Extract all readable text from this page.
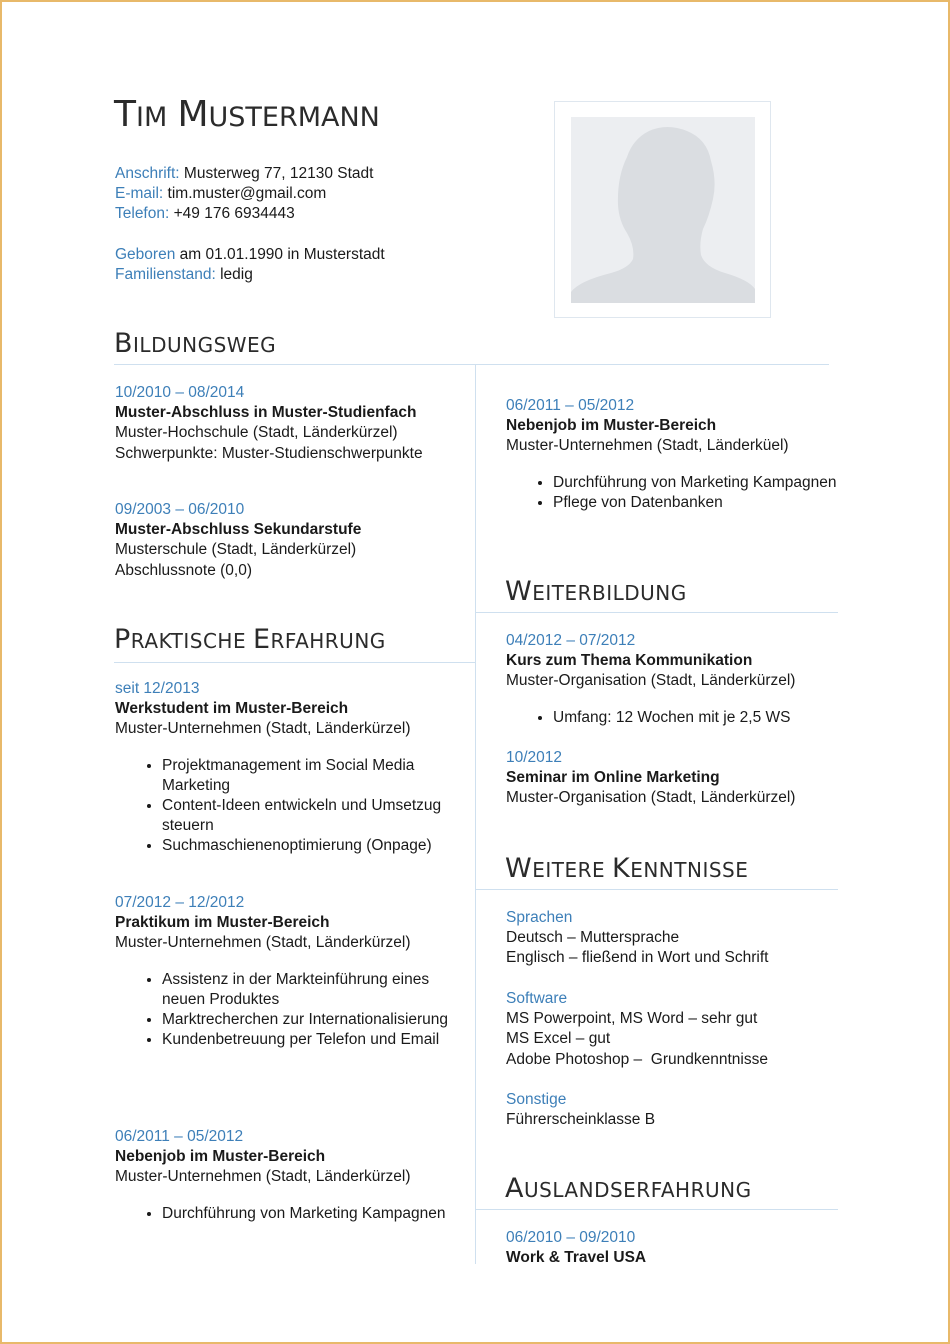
TIM MUSTERMANN
Anschrift: Musterweg 77, 12130 Stadt
E-mail: tim.muster@gmail.com
Telefon: +49 176 6934443
Geboren am 01.01.1990 in Musterstadt
Familienstand: ledig
BILDUNGSWEG
10/2010 – 08/2014
Muster-Abschluss in Muster-Studienfach
Muster-Hochschule (Stadt, Länderkürzel)
Schwerpunkte: Muster-Studienschwerpunkte
09/2003 – 06/2010
Muster-Abschluss Sekundarstufe
Musterschule (Stadt, Länderkürzel)
Abschlussnote (0,0)
PRAKTISCHE ERFAHRUNG
seit 12/2013
Werkstudent im Muster-Bereich
Muster-Unternehmen (Stadt, Länderkürzel)
• Projektmanagement im Social Media Marketing
• Content-Ideen entwickeln und Umsetzug steuern
• Suchmaschienenoptimierung (Onpage)
07/2012 – 12/2012
Praktikum im Muster-Bereich
Muster-Unternehmen (Stadt, Länderkürzel)
• Assistenz in der Markteinführung eines neuen Produktes
• Marktrecherchen zur Internationalisierung
• Kundenbetreuung per Telefon und Email
06/2011 – 05/2012
Nebenjob im Muster-Bereich
Muster-Unternehmen (Stadt, Länderkürzel)
• Durchführung von Marketing Kampagnen
06/2011 – 05/2012
Nebenjob im Muster-Bereich
Muster-Unternehmen (Stadt, Länderküel)
• Durchführung von Marketing Kampagnen
• Pflege von Datenbanken
WEITERBILDUNG
04/2012 – 07/2012
Kurs zum Thema Kommunikation
Muster-Organisation (Stadt, Länderkürzel)
• Umfang: 12 Wochen mit je 2,5 WS
10/2012
Seminar im Online Marketing
Muster-Organisation (Stadt, Länderkürzel)
WEITERE KENNTNISSE
Sprachen
Deutsch – Muttersprache
Englisch – fließend in Wort und Schrift
Software
MS Powerpoint, MS Word – sehr gut
MS Excel – gut
Adobe Photoshop –  Grundkenntnisse
Sonstige
Führerscheinklasse B
AUSLANDSERFAHRUNG
06/2010 – 09/2010
Work & Travel USA
